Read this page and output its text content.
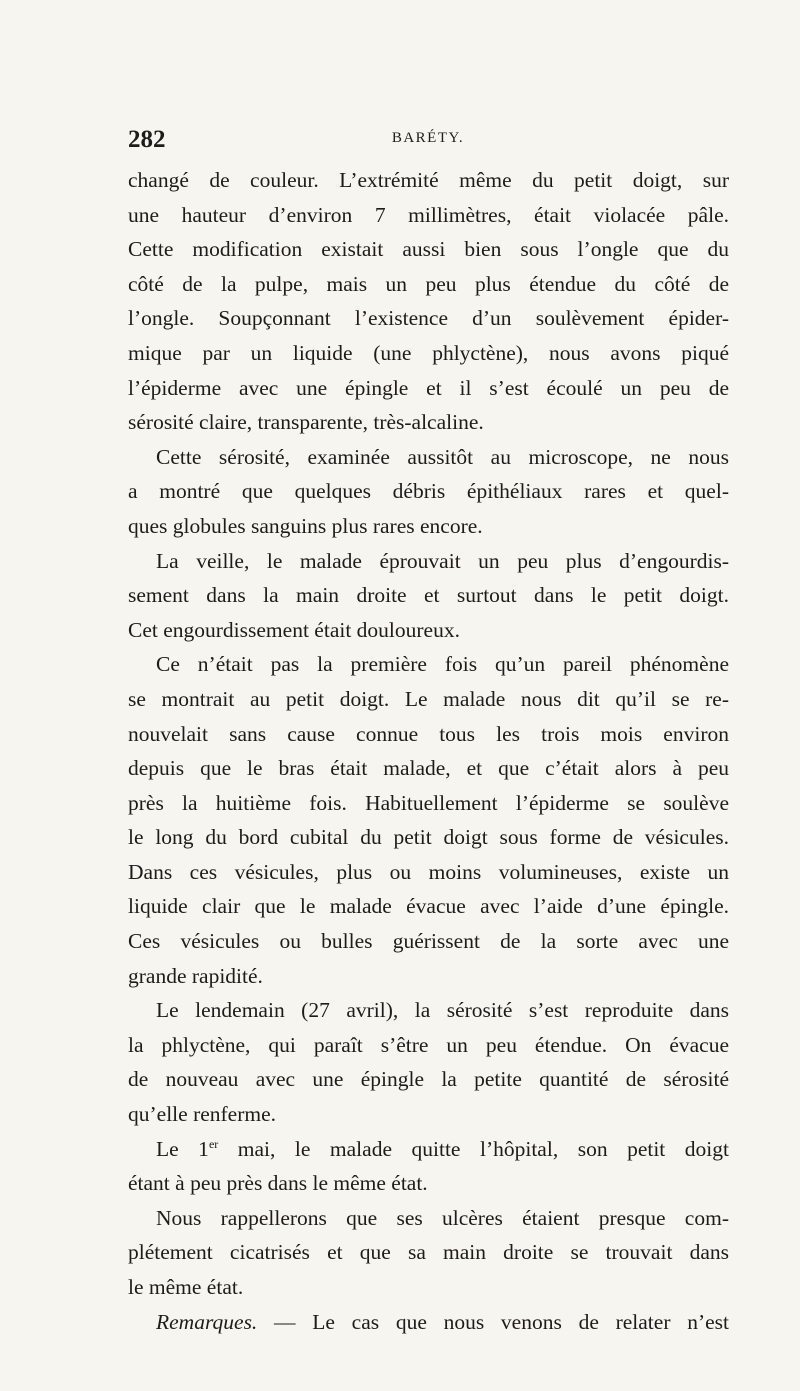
282	BARÉTY.
changé de couleur. L’extrémité même du petit doigt, sur
une hauteur d’environ 7 millimètres, était violacée pâle.
Cette modification existait aussi bien sous l’ongle que du
côté de la pulpe, mais un peu plus étendue du côté de
l’ongle. Soupçonnant l’existence d’un soulèvement épider-
mique par un liquide (une phlyctène), nous avons piqué
l’épiderme avec une épingle et il s’est écoulé un peu de
sérosité claire, transparente, très-alcaline.
Cette sérosité, examinée aussitôt au microscope, ne nous
a montré que quelques débris épithéliaux rares et quel-
ques globules sanguins plus rares encore.
La veille, le malade éprouvait un peu plus d’engourdis-
sement dans la main droite et surtout dans le petit doigt.
Cet engourdissement était douloureux.
Ce n’était pas la première fois qu’un pareil phénomène
se montrait au petit doigt. Le malade nous dit qu’il se re-
nouvelait sans cause connue tous les trois mois environ
depuis que le bras était malade, et que c’était alors à peu
près la huitième fois. Habituellement l’épiderme se soulève
le long du bord cubital du petit doigt sous forme de vésicules.
Dans ces vésicules, plus ou moins volumineuses, existe un
liquide clair que le malade évacue avec l’aide d’une épingle.
Ces vésicules ou bulles guérissent de la sorte avec une
grande rapidité.
Le lendemain (27 avril), la sérosité s’est reproduite dans
la phlyctène, qui paraît s’être un peu étendue. On évacue
de nouveau avec une épingle la petite quantité de sérosité
qu’elle renferme.
Le 1er mai, le malade quitte l’hôpital, son petit doigt
étant à peu près dans le même état.
Nous rappellerons que ses ulcères étaient presque com-
plétement cicatrisés et que sa main droite se trouvait dans
le même état.
Remarques. — Le cas que nous venons de relater n’est
